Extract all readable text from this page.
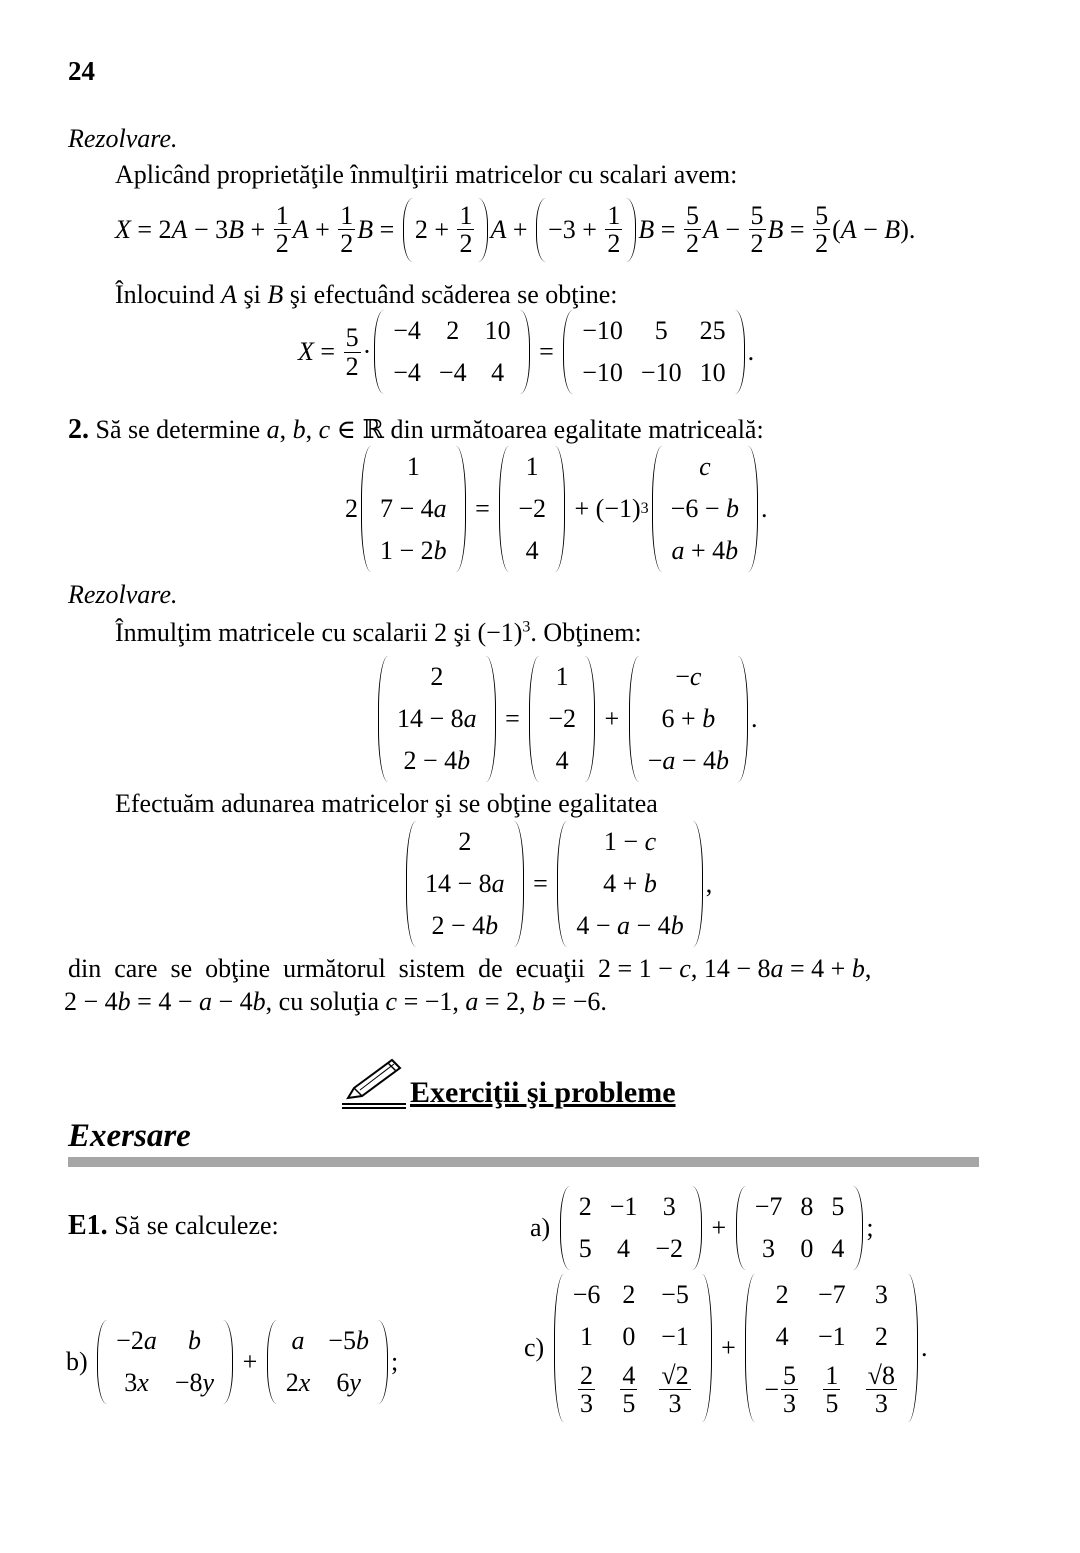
24
Rezolvare.
Aplicând proprietăţile înmulţirii matricelor cu scalari avem:
X = 2 A − 3 $B + \frac{1}{2}$ $A + \frac{1}{2}$ $B = 2 + \frac{1}{2}$ $A + -3 + \frac{1}{2}$ $B = \frac{5}{2}$ $A - \frac{5}{2}$ $B = \frac{5}{2}$ ( A − B ).
Înlocuind A şi B şi efectuând scăderea se obţine:
$X = \frac{5}{2}$ ·
−4	2	10
−4	−4	4
=
−10	5	25
−10	−10	10
.
2. Să se determine a, b, c ∈ ℝ din următoarea egalitate matriceală:
2
1

7 − 4 a

1 − 2 b
=
1
−2
4
+ (−1) 3
c

−6 − b

a + 4 b
.
Rezolvare.
Înmulţim matricele cu scalarii 2 şi $(-1)^3$. Obţinem:
2

14 − 8 a

2 − 4 b
=
1
−2
4
+
− c

6 + b

− a − 4 b
.
Efectuăm adunarea matricelor şi se obţine egalitatea
2

14 − 8 a

2 − 4 b
=
1 − c

4 + b

4 − a − 4 b
,
din  care  se  obţine  următorul  sistem  de  ecuaţii  2 = 1 − c, 14 − 8a = 4 + b,
2 − 4b = 4 − a − 4b, cu soluţia c = −1, a = 2, b = −6.
Exerciţii şi probleme
Exersare
E1. Să se calculeze:	a)
2	−1	3
5	4	−2
+
−7	8	5
3	0	4
;
b)
−2 a	b

3 x	−8 y
+
a	−5 b

2 x	6 y
;	c)
−6	2	−5
1	0	−1

$\frac{2}{3}$	$\frac{4}{5}$	$\frac{√2}{3}$
+
2	−7	3
4	−1	2

− $\frac{5}{3}$	$\frac{1}{5}$	$\frac{√8}{3}$
.
